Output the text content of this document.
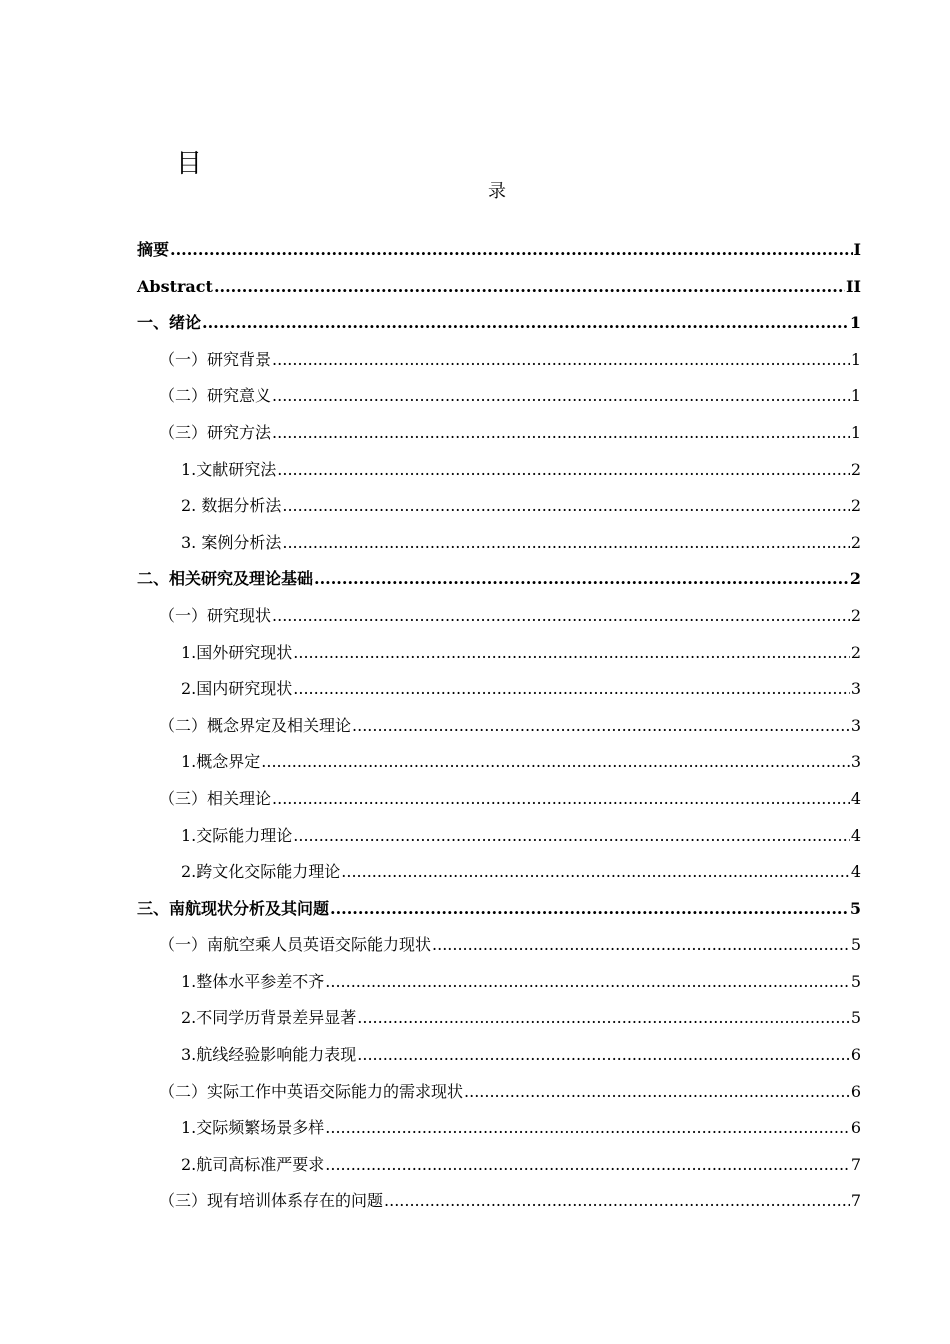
目
录
摘要 .....	I
Abstract .....	II
一、绪论 .....	1
（一）研究背景 .....	1
（二）研究意义 .....	1
（三）研究方法 .....	1
1.文献研究法 .....	2
2. 数据分析法 .....	2
3. 案例分析法 .....	2
二、相关研究及理论基础 .....	2
（一）研究现状 .....	2
1.国外研究现状 .....	2
2.国内研究现状 .....	3
（二）概念界定及相关理论 .....	3
1.概念界定 .....	3
（三）相关理论 .....	4
1.交际能力理论 .....	4
2.跨文化交际能力理论 .....	4
三、南航现状分析及其问题 .....	5
（一）南航空乘人员英语交际能力现状 .....	5
1.整体水平参差不齐 .....	5
2.不同学历背景差异显著 .....	5
3.航线经验影响能力表现 .....	6
（二）实际工作中英语交际能力的需求现状 .....	6
1.交际频繁场景多样 .....	6
2.航司高标准严要求 .....	7
（三）现有培训体系存在的问题 .....	7
